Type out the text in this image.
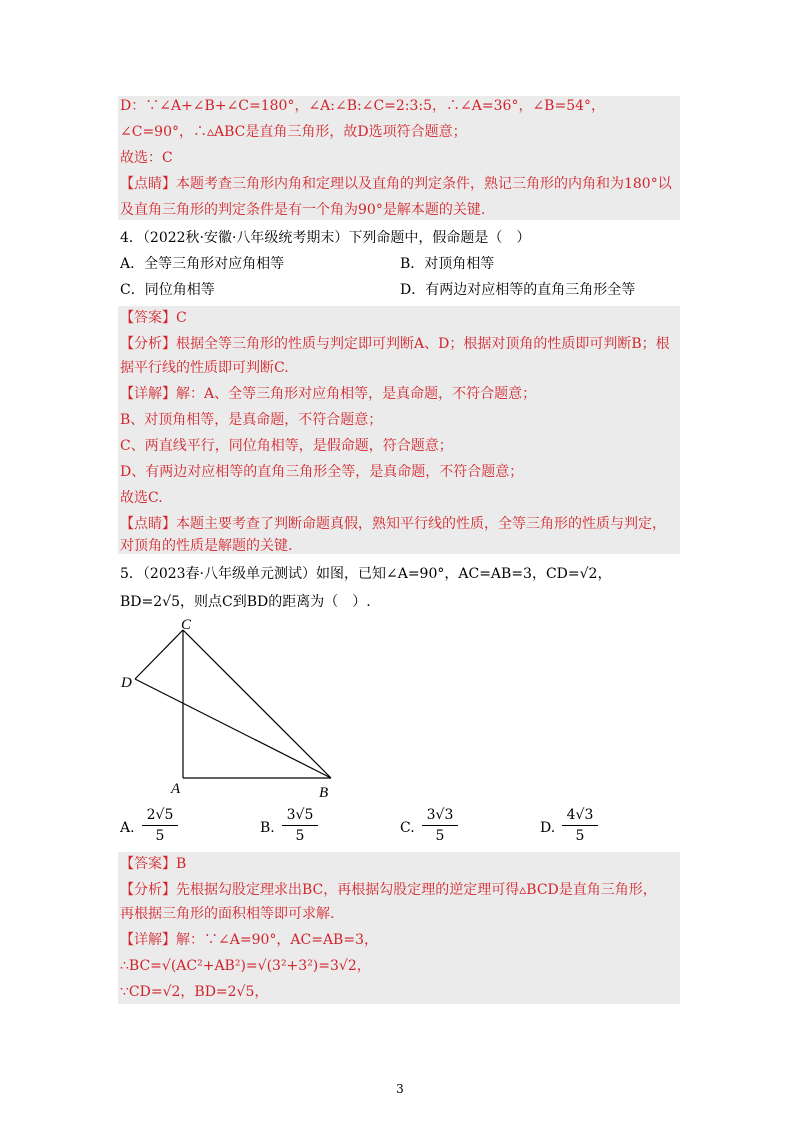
D：∵∠A+∠B+∠C=180°，∠A:∠B:∠C=2:3:5，∴∠A=36°，∠B=54°，
∠C=90°，∴▵ABC是直角三角形，故D选项符合题意；
故选：C
【点睛】本题考查三角形内角和定理以及直角的判定条件，熟记三角形的内角和为180°以
及直角三角形的判定条件是有一个角为90°是解本题的关键.
4．（2022秋·安徽·八年级统考期末）下列命题中，假命题是（　）
A．全等三角形对应角相等	B．对顶角相等
C．同位角相等	D．有两边对应相等的直角三角形全等
【答案】C
【分析】根据全等三角形的性质与判定即可判断A、D；根据对顶角的性质即可判断B；根
据平行线的性质即可判断C.
【详解】解：A、全等三角形对应角相等，是真命题，不符合题意；
B、对顶角相等，是真命题，不符合题意；
C、两直线平行，同位角相等，是假命题，符合题意；
D、有两边对应相等的直角三角形全等，是真命题，不符合题意；
故选C.
【点睛】本题主要考查了判断命题真假，熟知平行线的性质，全等三角形的性质与判定，
对顶角的性质是解题的关键.
5．（2023春·八年级单元测试）如图，已知∠A=90°，AC=AB=3，CD=√2，
BD=2√5，则点C到BD的距离为（　）.
C
D
A	B
A. $\frac{2√5}{5}$	B. $\frac{3√5}{5}$	C. $\frac{3√3}{5}$	D. $\frac{4√3}{5}$
【答案】B
【分析】先根据勾股定理求出BC，再根据勾股定理的逆定理可得▵BCD是直角三角形，
再根据三角形的面积相等即可求解.
【详解】解：∵∠A=90°，AC=AB=3，
∴BC=√(AC²+AB²)=√(3²+3²)=3√2，
∵CD=√2，BD=2√5，
3
